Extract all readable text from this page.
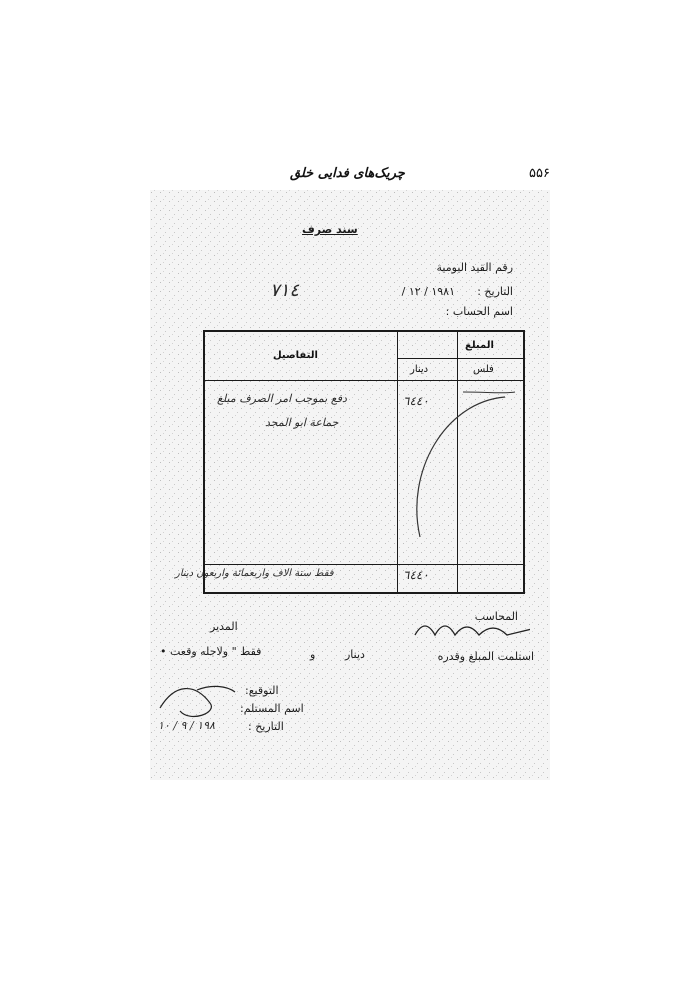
۵۵۶
چریک‌های فدایی خلق
سند صرف
رقم القيد اليومية
التاريخ :
١٩٨١ / ١٢ /
٧١٤
اسم الحساب :
المبلغ
التفاصيل
دينار	فلس
٦٤٤٠
دفع بموجب امر الصرف مبلغ
جماعة ابو المجد
٦٤٤٠
فقط ستة الاف واربعمائة واربعون دينار
المحاسب
المدير
استلمت المبلغ وقدره
دينار
و
فقط " ولاجله وقعت •
التوقيع:
اسم المستلم:
التاريخ :
١٩٨ / ٩ / ١٠
